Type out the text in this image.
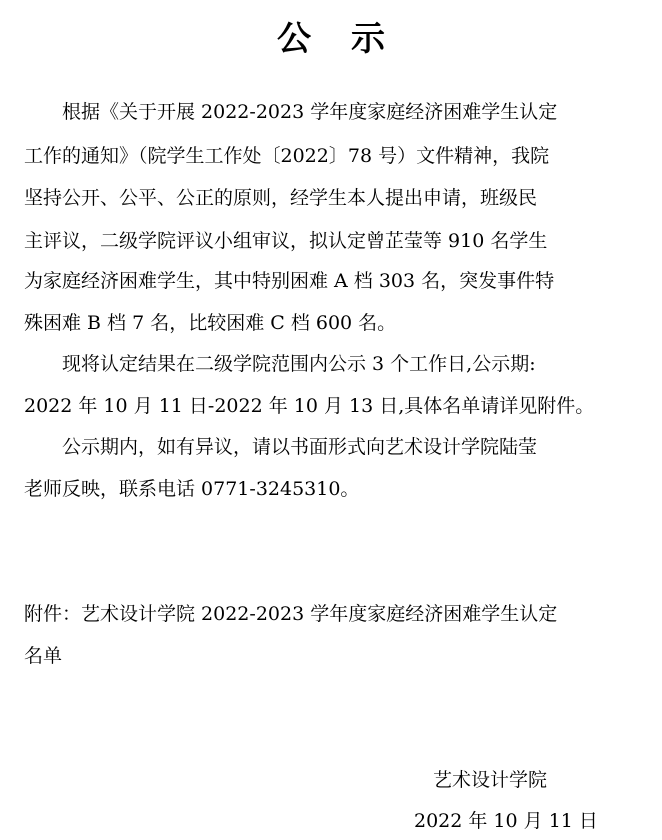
公 示

根据《关于开展 2022-2023 学年度家庭经济困难学生认定

工作的通知》（院学生工作处〔2022〕78 号）文件精神，我院

坚持公开、公平、公正的原则，经学生本人提出申请，班级民

主评议，二级学院评议小组审议，拟认定曾芷莹等 910 名学生

为家庭经济困难学生，其中特别困难 A 档 303 名，突发事件特

殊困难 B 档 7 名，比较困难 C 档 600 名。

现将认定结果在二级学院范围内公示 3 个工作日,公示期:

2022 年 10 月 11 日-2022 年 10 月 13 日,具体名单请详见附件。

公示期内，如有异议，请以书面形式向艺术设计学院陆莹

老师反映，联系电话 0771-3245310。

附件：艺术设计学院 2022-2023 学年度家庭经济困难学生认定

名单

艺术设计学院
2022 年 10 月 11 日
